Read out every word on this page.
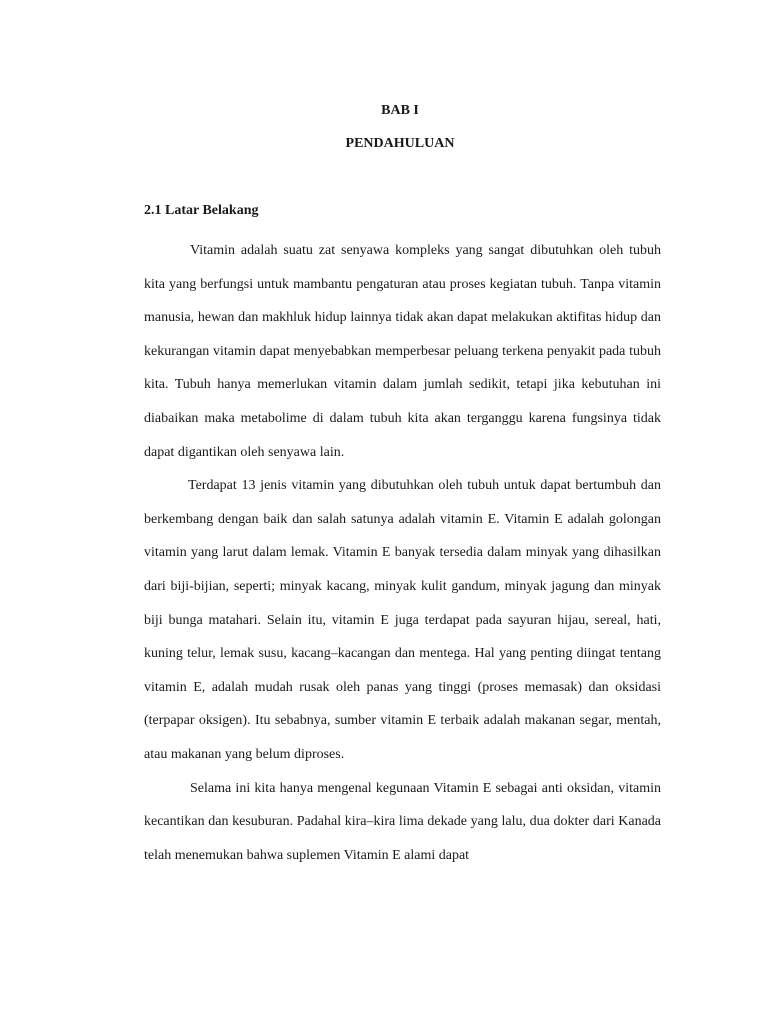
BAB I
PENDAHULUAN
2.1 Latar Belakang

Vitamin adalah suatu zat senyawa kompleks yang sangat dibutuhkan oleh tubuh kita yang berfungsi untuk mambantu pengaturan atau proses kegiatan tubuh. Tanpa vitamin manusia, hewan dan makhluk hidup lainnya tidak akan dapat melakukan aktifitas hidup dan kekurangan vitamin dapat menyebabkan memperbesar peluang terkena penyakit pada tubuh kita. Tubuh hanya memerlukan vitamin dalam jumlah sedikit, tetapi jika kebutuhan ini diabaikan maka metabolime di dalam tubuh kita akan terganggu karena fungsinya tidak dapat digantikan oleh senyawa lain.

Terdapat 13 jenis vitamin yang dibutuhkan oleh tubuh untuk dapat bertumbuh dan berkembang dengan baik dan salah satunya adalah vitamin E. Vitamin E adalah golongan vitamin yang larut dalam lemak. Vitamin E banyak tersedia dalam minyak yang dihasilkan dari biji-bijian, seperti; minyak kacang, minyak kulit gandum, minyak jagung dan minyak biji bunga matahari. Selain itu, vitamin E juga terdapat pada sayuran hijau, sereal, hati, kuning telur, lemak susu, kacang–kacangan dan mentega. Hal yang penting diingat tentang vitamin E, adalah mudah rusak oleh panas yang tinggi (proses memasak) dan oksidasi (terpapar oksigen). Itu sebabnya, sumber vitamin E terbaik adalah makanan segar, mentah, atau makanan yang belum diproses.

Selama ini kita hanya mengenal kegunaan Vitamin E sebagai anti oksidan, vitamin kecantikan dan kesuburan. Padahal kira–kira lima dekade yang lalu, dua dokter dari Kanada telah menemukan bahwa suplemen Vitamin E alami dapat
